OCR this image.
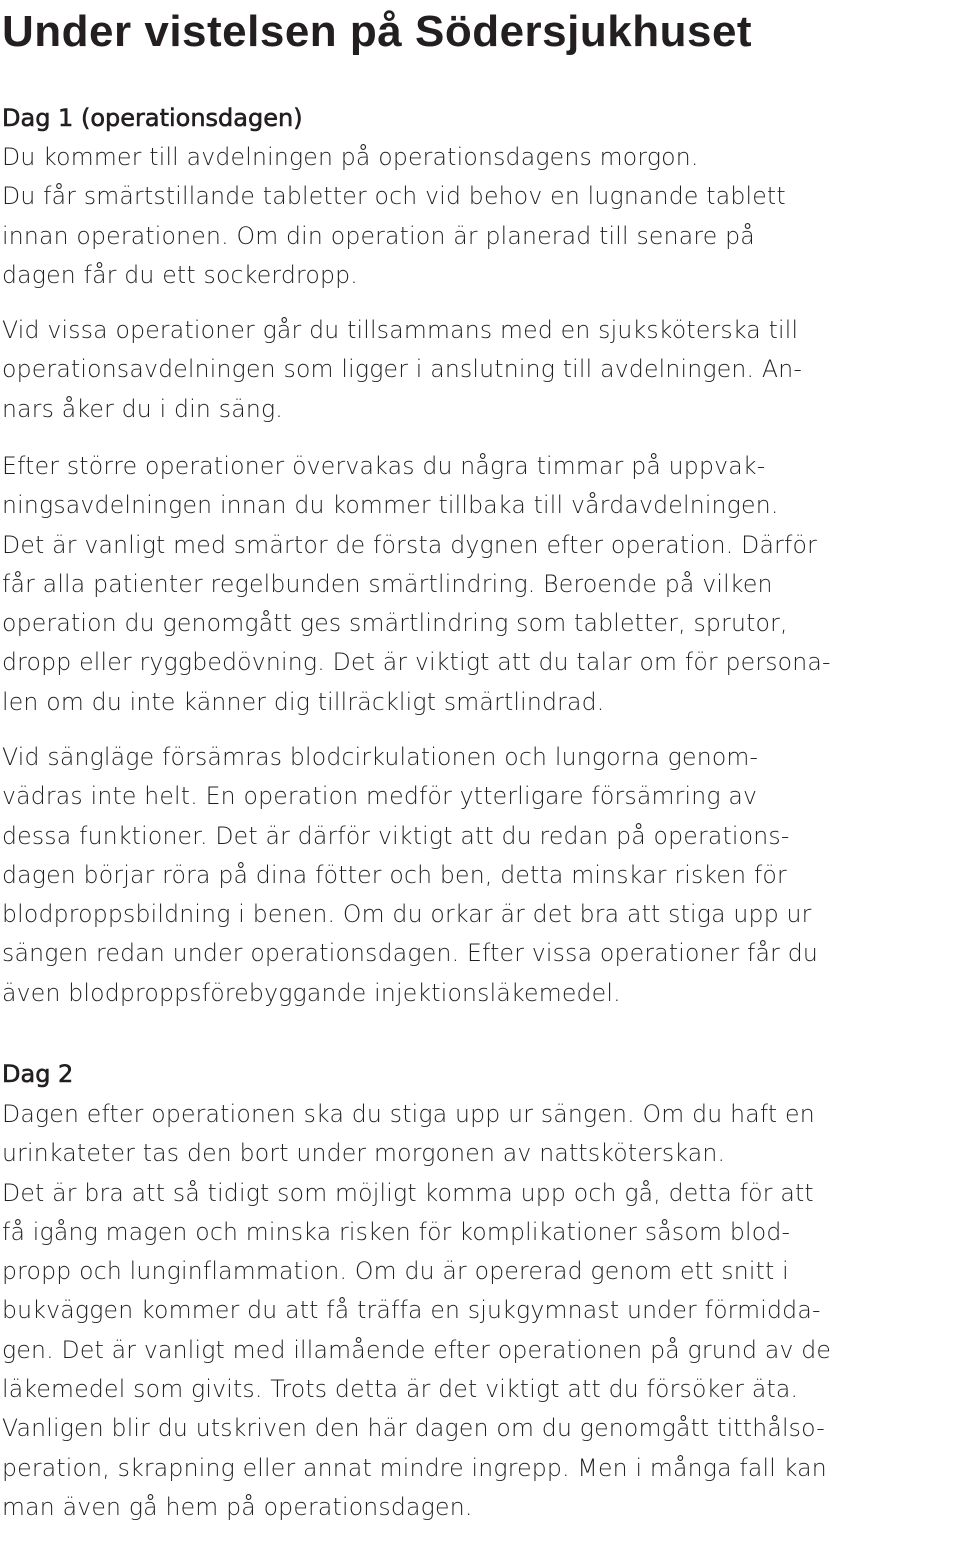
Under vistelsen på Södersjukhuset
Dag 1 (operationsdagen)

Du kommer till avdelningen på operationsdagens morgon.
Du får smärtstillande tabletter och vid behov en lugnande tablett
innan operationen. Om din operation är planerad till senare på
dagen får du ett sockerdropp.

Vid vissa operationer går du tillsammans med en sjuksköterska till
operationsavdelningen som ligger i anslutning till avdelningen. An-
nars åker du i din säng.

Efter större operationer övervakas du några timmar på uppvak-
ningsavdelningen innan du kommer tillbaka till vårdavdelningen.
Det är vanligt med smärtor de första dygnen efter operation. Därför
får alla patienter regelbunden smärtlindring. Beroende på vilken
operation du genomgått ges smärtlindring som tabletter, sprutor,
dropp eller ryggbedövning. Det är viktigt att du talar om för persona-
len om du inte känner dig tillräckligt smärtlindrad.

Vid sängläge försämras blodcirkulationen och lungorna genom-
vädras inte helt. En operation medför ytterligare försämring av
dessa funktioner. Det är därför viktigt att du redan på operations-
dagen börjar röra på dina fötter och ben, detta minskar risken för
blodproppsbildning i benen. Om du orkar är det bra att stiga upp ur
sängen redan under operationsdagen. Efter vissa operationer får du
även blodproppsförebyggande injektionsläkemedel.

Dag 2

Dagen efter operationen ska du stiga upp ur sängen. Om du haft en
urinkateter tas den bort under morgonen av nattsköterskan.
Det är bra att så tidigt som möjligt komma upp och gå, detta för att
få igång magen och minska risken för komplikationer såsom blod-
propp och lunginflammation. Om du är opererad genom ett snitt i
bukväggen kommer du att få träffa en sjukgymnast under förmidda-
gen. Det är vanligt med illamående efter operationen på grund av de
läkemedel som givits. Trots detta är det viktigt att du försöker äta.
Vanligen blir du utskriven den här dagen om du genomgått titthålso-
peration, skrapning eller annat mindre ingrepp. Men i många fall kan
man även gå hem på operationsdagen.
